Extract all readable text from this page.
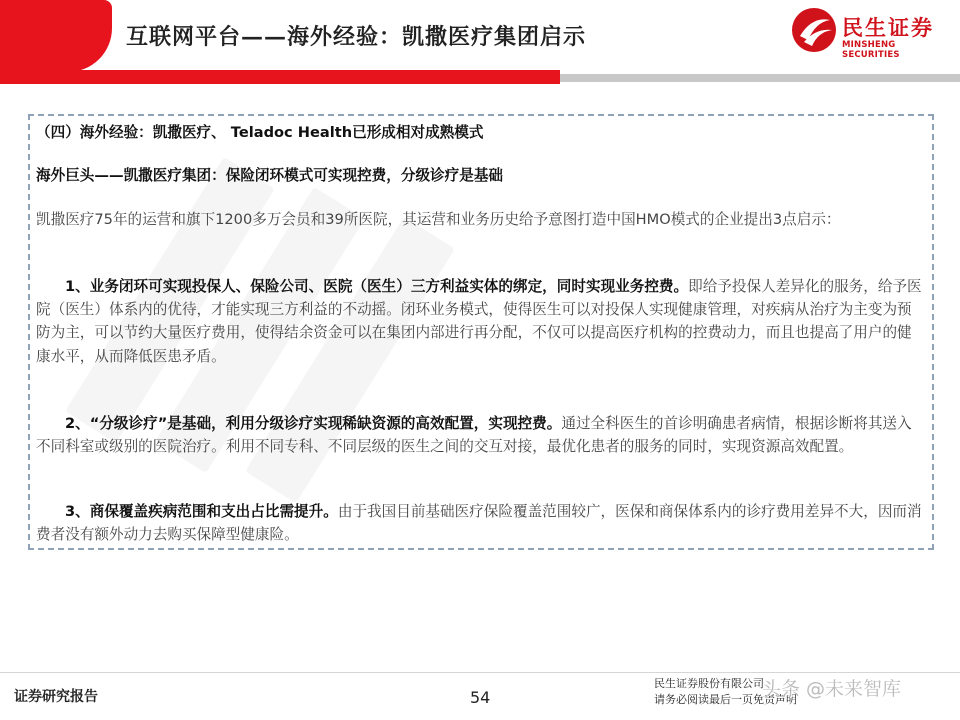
互联网平台——海外经验：凯撒医疗集团启示	民生证券
MINSHENG SECURITIES
（四）海外经验：凯撒医疗、 Teladoc Health已形成相对成熟模式
海外巨头——凯撒医疗集团：保险闭环模式可实现控费，分级诊疗是基础
凯撒医疗75年的运营和旗下1200多万会员和39所医院，其运营和业务历史给予意图打造中国HMO模式的企业提出3点启示：
1、业务闭环可实现投保人、保险公司、医院（医生）三方利益实体的绑定，同时实现业务控费。即给予投保人差异化的服务，给予医院（医生）体系内的优待，才能实现三方利益的不动摇。闭环业务模式，使得医生可以对投保人实现健康管理，对疾病从治疗为主变为预防为主，可以节约大量医疗费用，使得结余资金可以在集团内部进行再分配，不仅可以提高医疗机构的控费动力，而且也提高了用户的健康水平，从而降低医患矛盾。
2、“分级诊疗”是基础，利用分级诊疗实现稀缺资源的高效配置，实现控费。通过全科医生的首诊明确患者病情，根据诊断将其送入不同科室或级别的医院治疗。利用不同专科、不同层级的医生之间的交互对接，最优化患者的服务的同时，实现资源高效配置。
3、商保覆盖疾病范围和支出占比需提升。由于我国目前基础医疗保险覆盖范围较广，医保和商保体系内的诊疗费用差异不大，因而消费者没有额外动力去购买保障型健康险。
证券研究报告	54
民生证券股份有限公司
请务必阅读最后一页免责声明
头条 @未来智库
